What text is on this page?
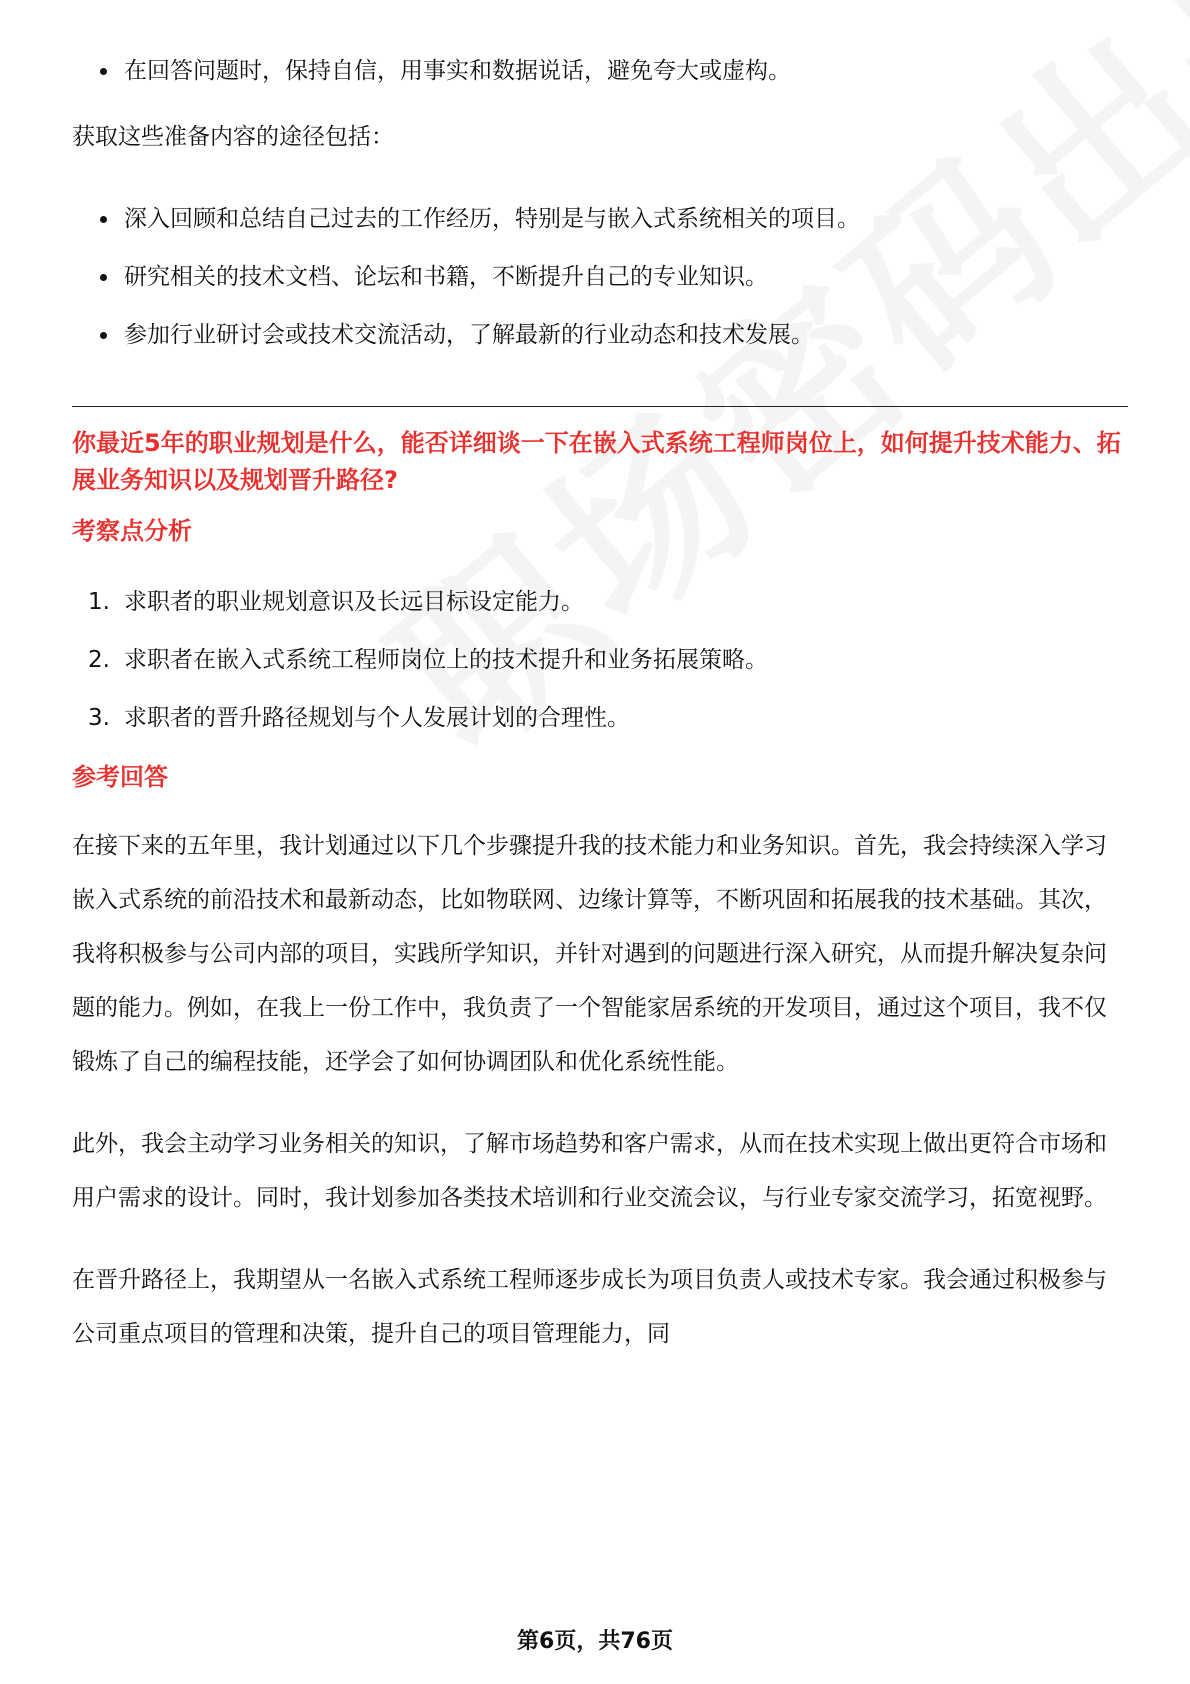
在回答问题时，保持自信，用事实和数据说话，避免夸大或虚构。

获取这些准备内容的途径包括：

深入回顾和总结自己过去的工作经历，特别是与嵌入式系统相关的项目。
研究相关的技术文档、论坛和书籍，不断提升自己的专业知识。
参加行业研讨会或技术交流活动，了解最新的行业动态和技术发展。

你最近5年的职业规划是什么，能否详细谈一下在嵌入式系统工程师岗位上，如何提升技术能力、拓展业务知识以及规划晋升路径?

考察点分析

1. 求职者的职业规划意识及长远目标设定能力。
2. 求职者在嵌入式系统工程师岗位上的技术提升和业务拓展策略。
3. 求职者的晋升路径规划与个人发展计划的合理性。

参考回答

在接下来的五年里，我计划通过以下几个步骤提升我的技术能力和业务知识。首先，我会持续深入学习嵌入式系统的前沿技术和最新动态，比如物联网、边缘计算等，不断巩固和拓展我的技术基础。其次，我将积极参与公司内部的项目，实践所学知识，并针对遇到的问题进行深入研究，从而提升解决复杂问题的能力。例如，在我上一份工作中，我负责了一个智能家居系统的开发项目，通过这个项目，我不仅锻炼了自己的编程技能，还学会了如何协调团队和优化系统性能。

此外，我会主动学习业务相关的知识，了解市场趋势和客户需求，从而在技术实现上做出更符合市场和用户需求的设计。同时，我计划参加各类技术培训和行业交流会议，与行业专家交流学习，拓宽视野。

在晋升路径上，我期望从一名嵌入式系统工程师逐步成长为项目负责人或技术专家。我会通过积极参与公司重点项目的管理和决策，提升自己的项目管理能力，同

第6页，共76页
